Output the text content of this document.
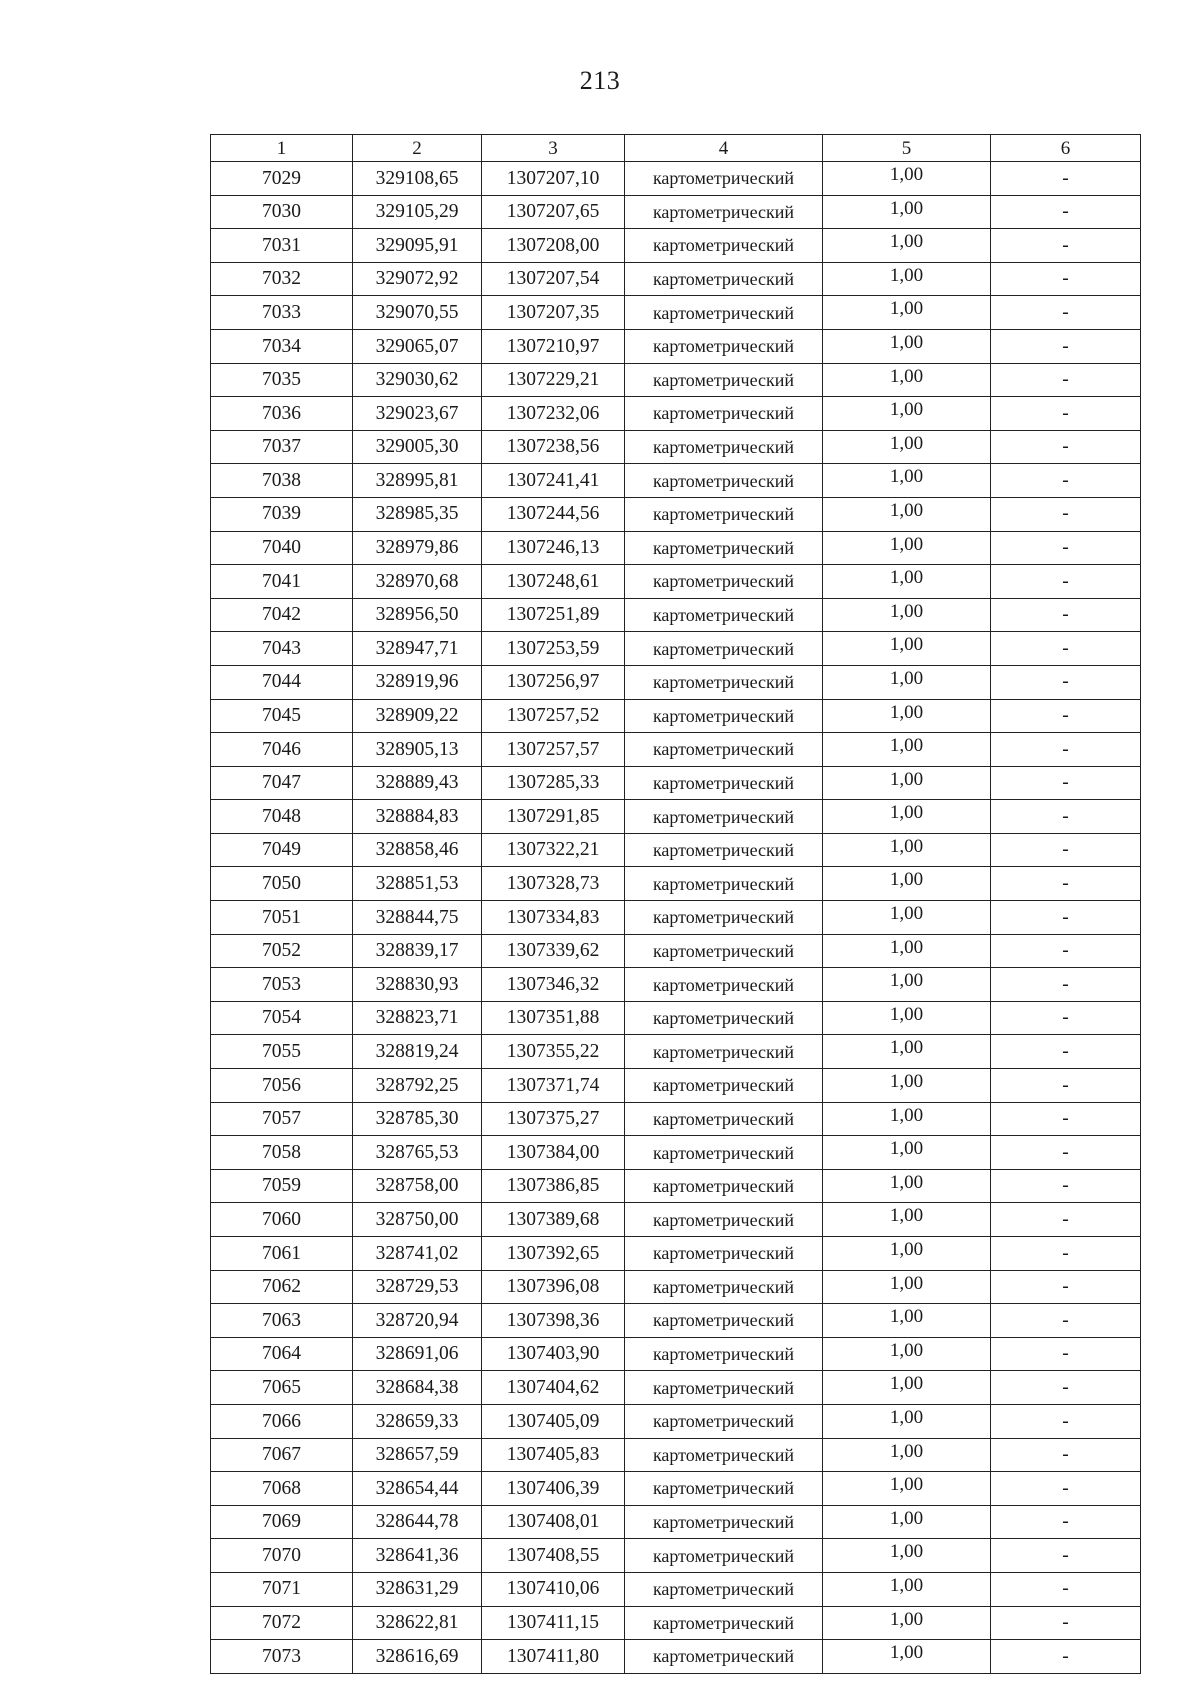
213
1	2	3	4	5	6
7029	329108,65	1307207,10	картометрический	1,00	-
7030	329105,29	1307207,65	картометрический	1,00	-
7031	329095,91	1307208,00	картометрический	1,00	-
7032	329072,92	1307207,54	картометрический	1,00	-
7033	329070,55	1307207,35	картометрический	1,00	-
7034	329065,07	1307210,97	картометрический	1,00	-
7035	329030,62	1307229,21	картометрический	1,00	-
7036	329023,67	1307232,06	картометрический	1,00	-
7037	329005,30	1307238,56	картометрический	1,00	-
7038	328995,81	1307241,41	картометрический	1,00	-
7039	328985,35	1307244,56	картометрический	1,00	-
7040	328979,86	1307246,13	картометрический	1,00	-
7041	328970,68	1307248,61	картометрический	1,00	-
7042	328956,50	1307251,89	картометрический	1,00	-
7043	328947,71	1307253,59	картометрический	1,00	-
7044	328919,96	1307256,97	картометрический	1,00	-
7045	328909,22	1307257,52	картометрический	1,00	-
7046	328905,13	1307257,57	картометрический	1,00	-
7047	328889,43	1307285,33	картометрический	1,00	-
7048	328884,83	1307291,85	картометрический	1,00	-
7049	328858,46	1307322,21	картометрический	1,00	-
7050	328851,53	1307328,73	картометрический	1,00	-
7051	328844,75	1307334,83	картометрический	1,00	-
7052	328839,17	1307339,62	картометрический	1,00	-
7053	328830,93	1307346,32	картометрический	1,00	-
7054	328823,71	1307351,88	картометрический	1,00	-
7055	328819,24	1307355,22	картометрический	1,00	-
7056	328792,25	1307371,74	картометрический	1,00	-
7057	328785,30	1307375,27	картометрический	1,00	-
7058	328765,53	1307384,00	картометрический	1,00	-
7059	328758,00	1307386,85	картометрический	1,00	-
7060	328750,00	1307389,68	картометрический	1,00	-
7061	328741,02	1307392,65	картометрический	1,00	-
7062	328729,53	1307396,08	картометрический	1,00	-
7063	328720,94	1307398,36	картометрический	1,00	-
7064	328691,06	1307403,90	картометрический	1,00	-
7065	328684,38	1307404,62	картометрический	1,00	-
7066	328659,33	1307405,09	картометрический	1,00	-
7067	328657,59	1307405,83	картометрический	1,00	-
7068	328654,44	1307406,39	картометрический	1,00	-
7069	328644,78	1307408,01	картометрический	1,00	-
7070	328641,36	1307408,55	картометрический	1,00	-
7071	328631,29	1307410,06	картометрический	1,00	-
7072	328622,81	1307411,15	картометрический	1,00	-
7073	328616,69	1307411,80	картометрический	1,00	-
